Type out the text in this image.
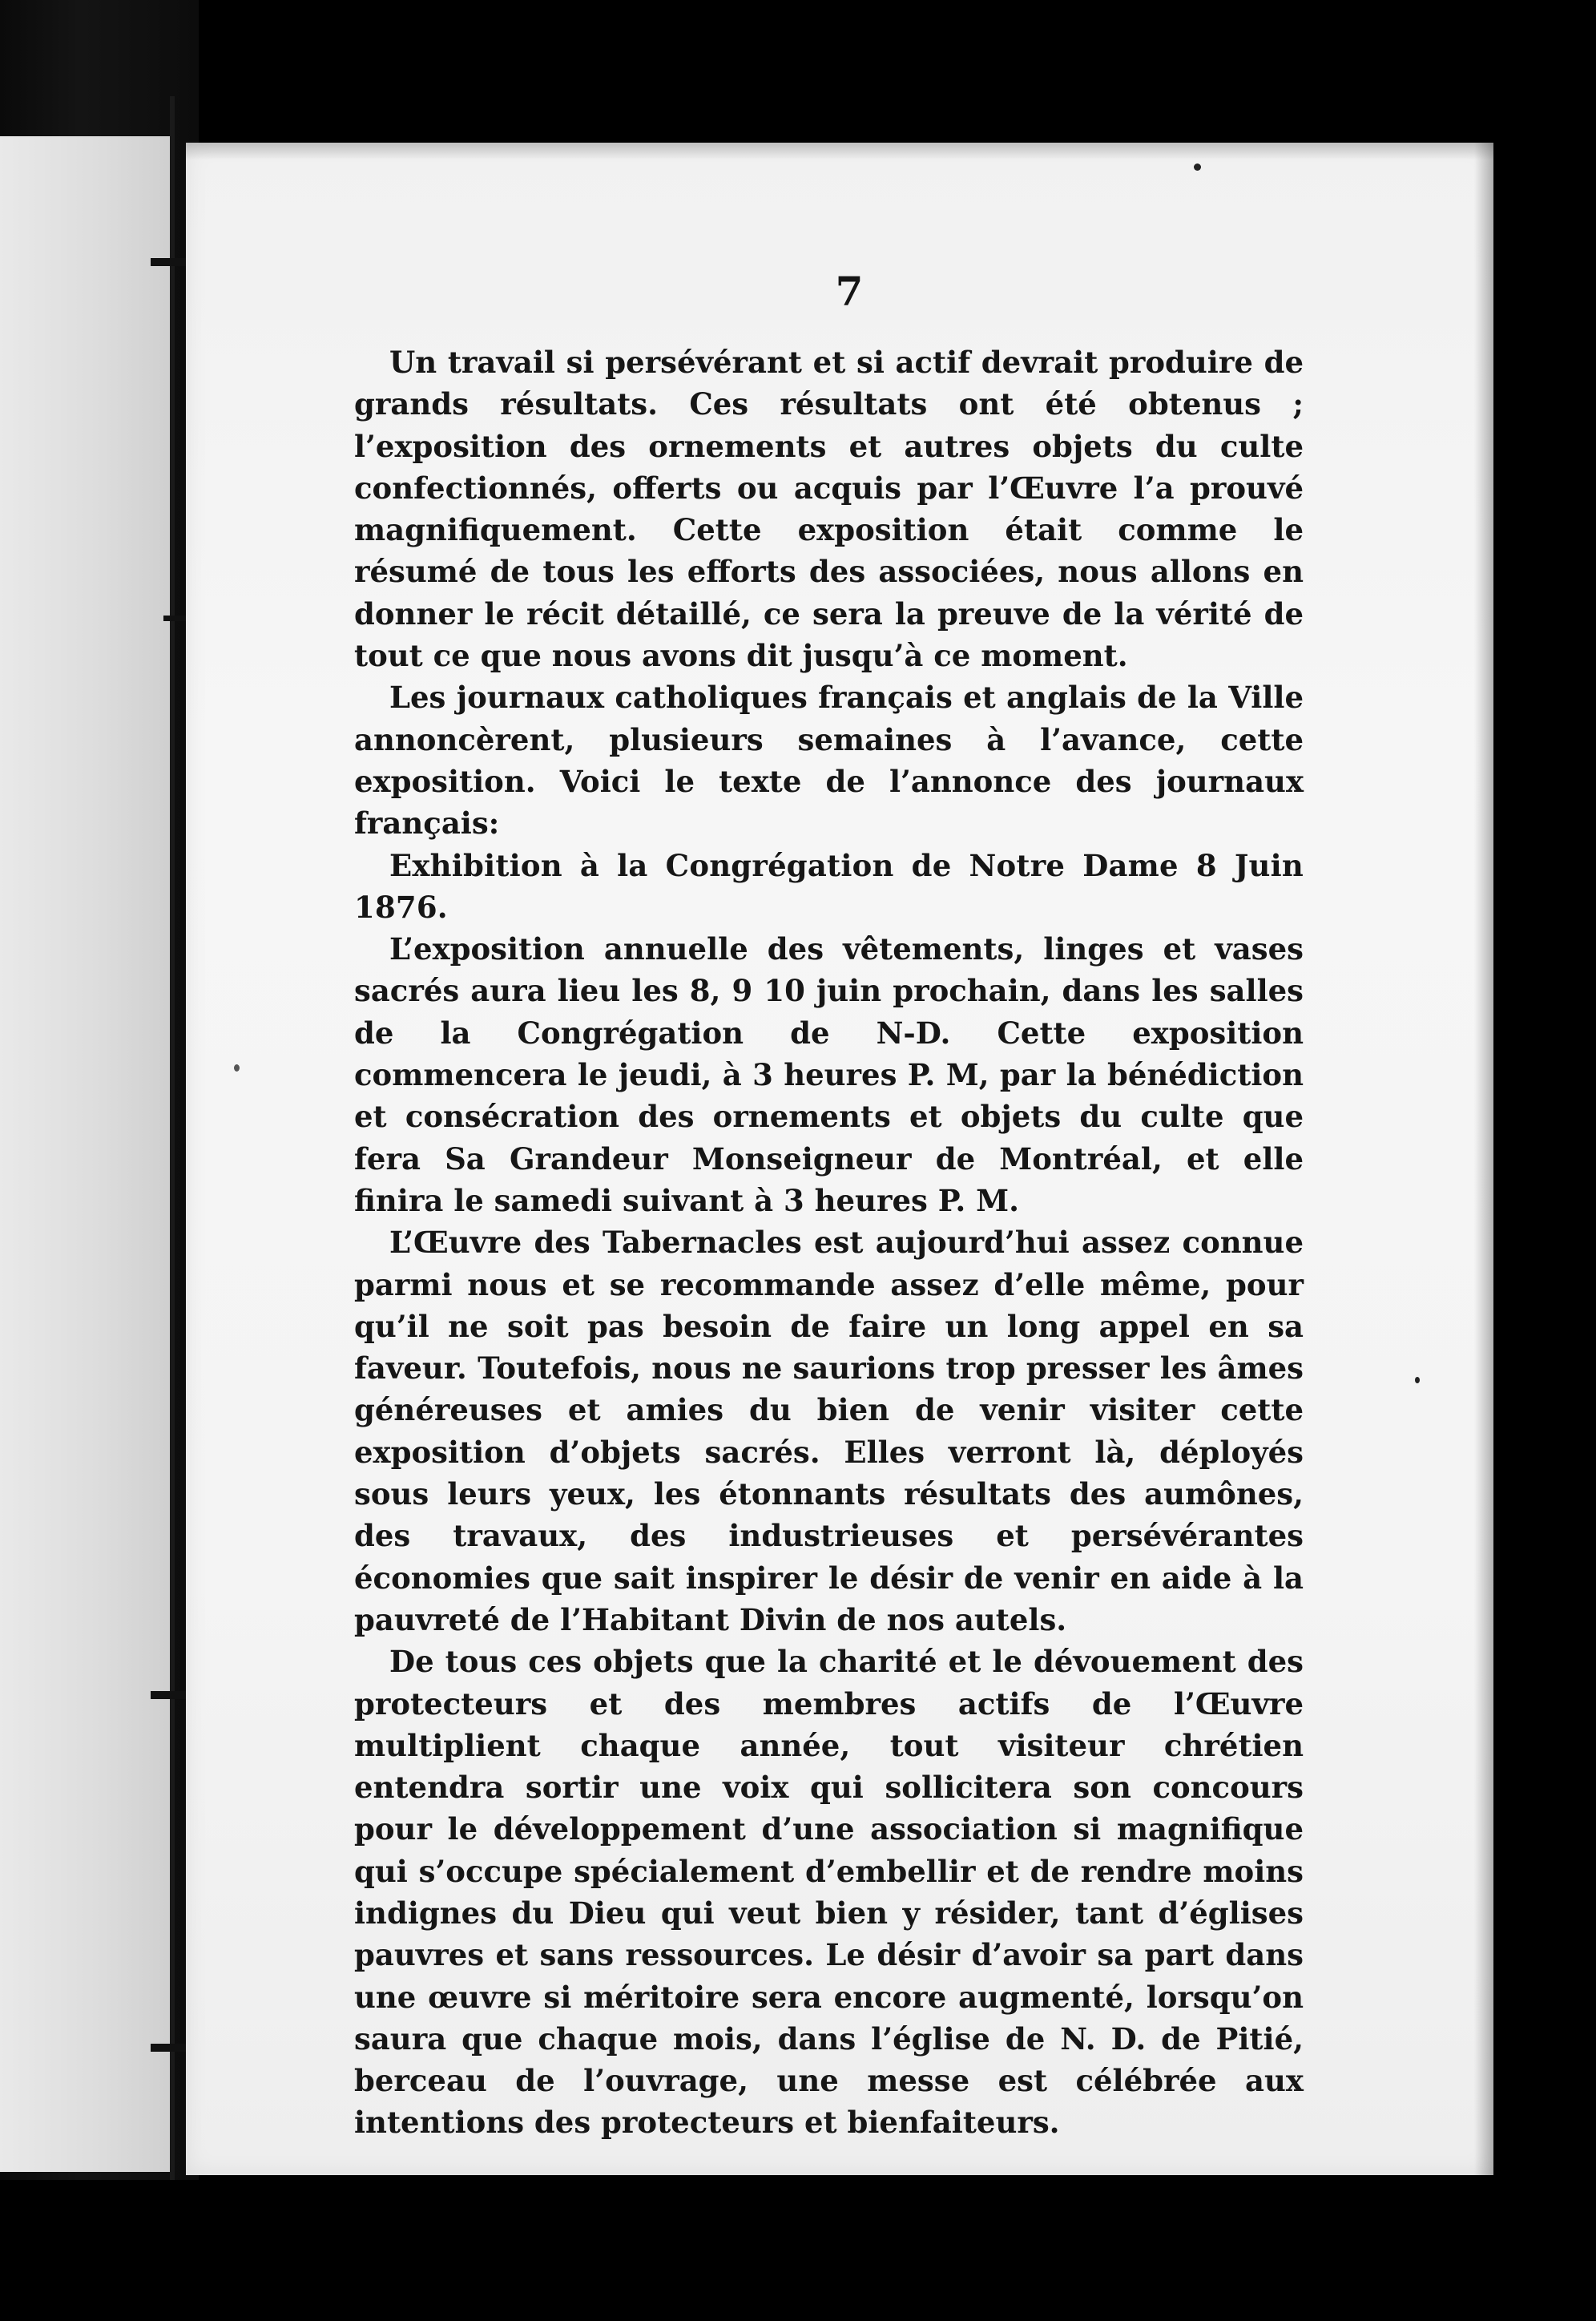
7

Un travail si persévérant et si actif devrait produire de grands résultats. Ces résultats ont été obtenus ; l’exposition des ornements et autres objets du culte confectionnés, offerts ou acquis par l’Œuvre l’a prouvé magnifiquement. Cette exposition était comme le résumé de tous les efforts des associées, nous allons en donner le récit détaillé, ce sera la preuve de la vérité de tout ce que nous avons dit jusqu’à ce moment.

Les journaux catholiques français et anglais de la Ville annoncèrent, plusieurs semaines à l’avance, cette exposition. Voici le texte de l’annonce des journaux français:

Exhibition à la Congrégation de Notre Dame 8 Juin 1876.

L’exposition annuelle des vêtements, linges et vases sacrés aura lieu les 8, 9 10 juin prochain, dans les salles de la Congrégation de N-D. Cette exposition commencera le jeudi, à 3 heures P. M, par la bénédiction et consécration des ornements et objets du culte que fera Sa Grandeur Monseigneur de Montréal, et elle finira le samedi suivant à 3 heures P. M.

L’Œuvre des Tabernacles est aujourd’hui assez connue parmi nous et se recommande assez d’elle même, pour qu’il ne soit pas besoin de faire un long appel en sa faveur. Toutefois, nous ne saurions trop presser les âmes généreuses et amies du bien de venir visiter cette exposition d’objets sacrés. Elles verront là, déployés sous leurs yeux, les étonnants résultats des aumônes, des travaux, des industrieuses et persévérantes économies que sait inspirer le désir de venir en aide à la pauvreté de l’Habitant Divin de nos autels.

De tous ces objets que la charité et le dévouement des protecteurs et des membres actifs de l’Œuvre multiplient chaque année, tout visiteur chrétien entendra sortir une voix qui sollicitera son concours pour le développement d’une association si magnifique qui s’occupe spécialement d’embellir et de rendre moins indignes du Dieu qui veut bien y résider, tant d’églises pauvres et sans ressources. Le désir d’avoir sa part dans une œuvre si méritoire sera encore augmenté, lorsqu’on saura que chaque mois, dans l’église de N. D. de Pitié, berceau de l’ouvrage, une messe est célébrée aux intentions des protecteurs et bienfaiteurs.
